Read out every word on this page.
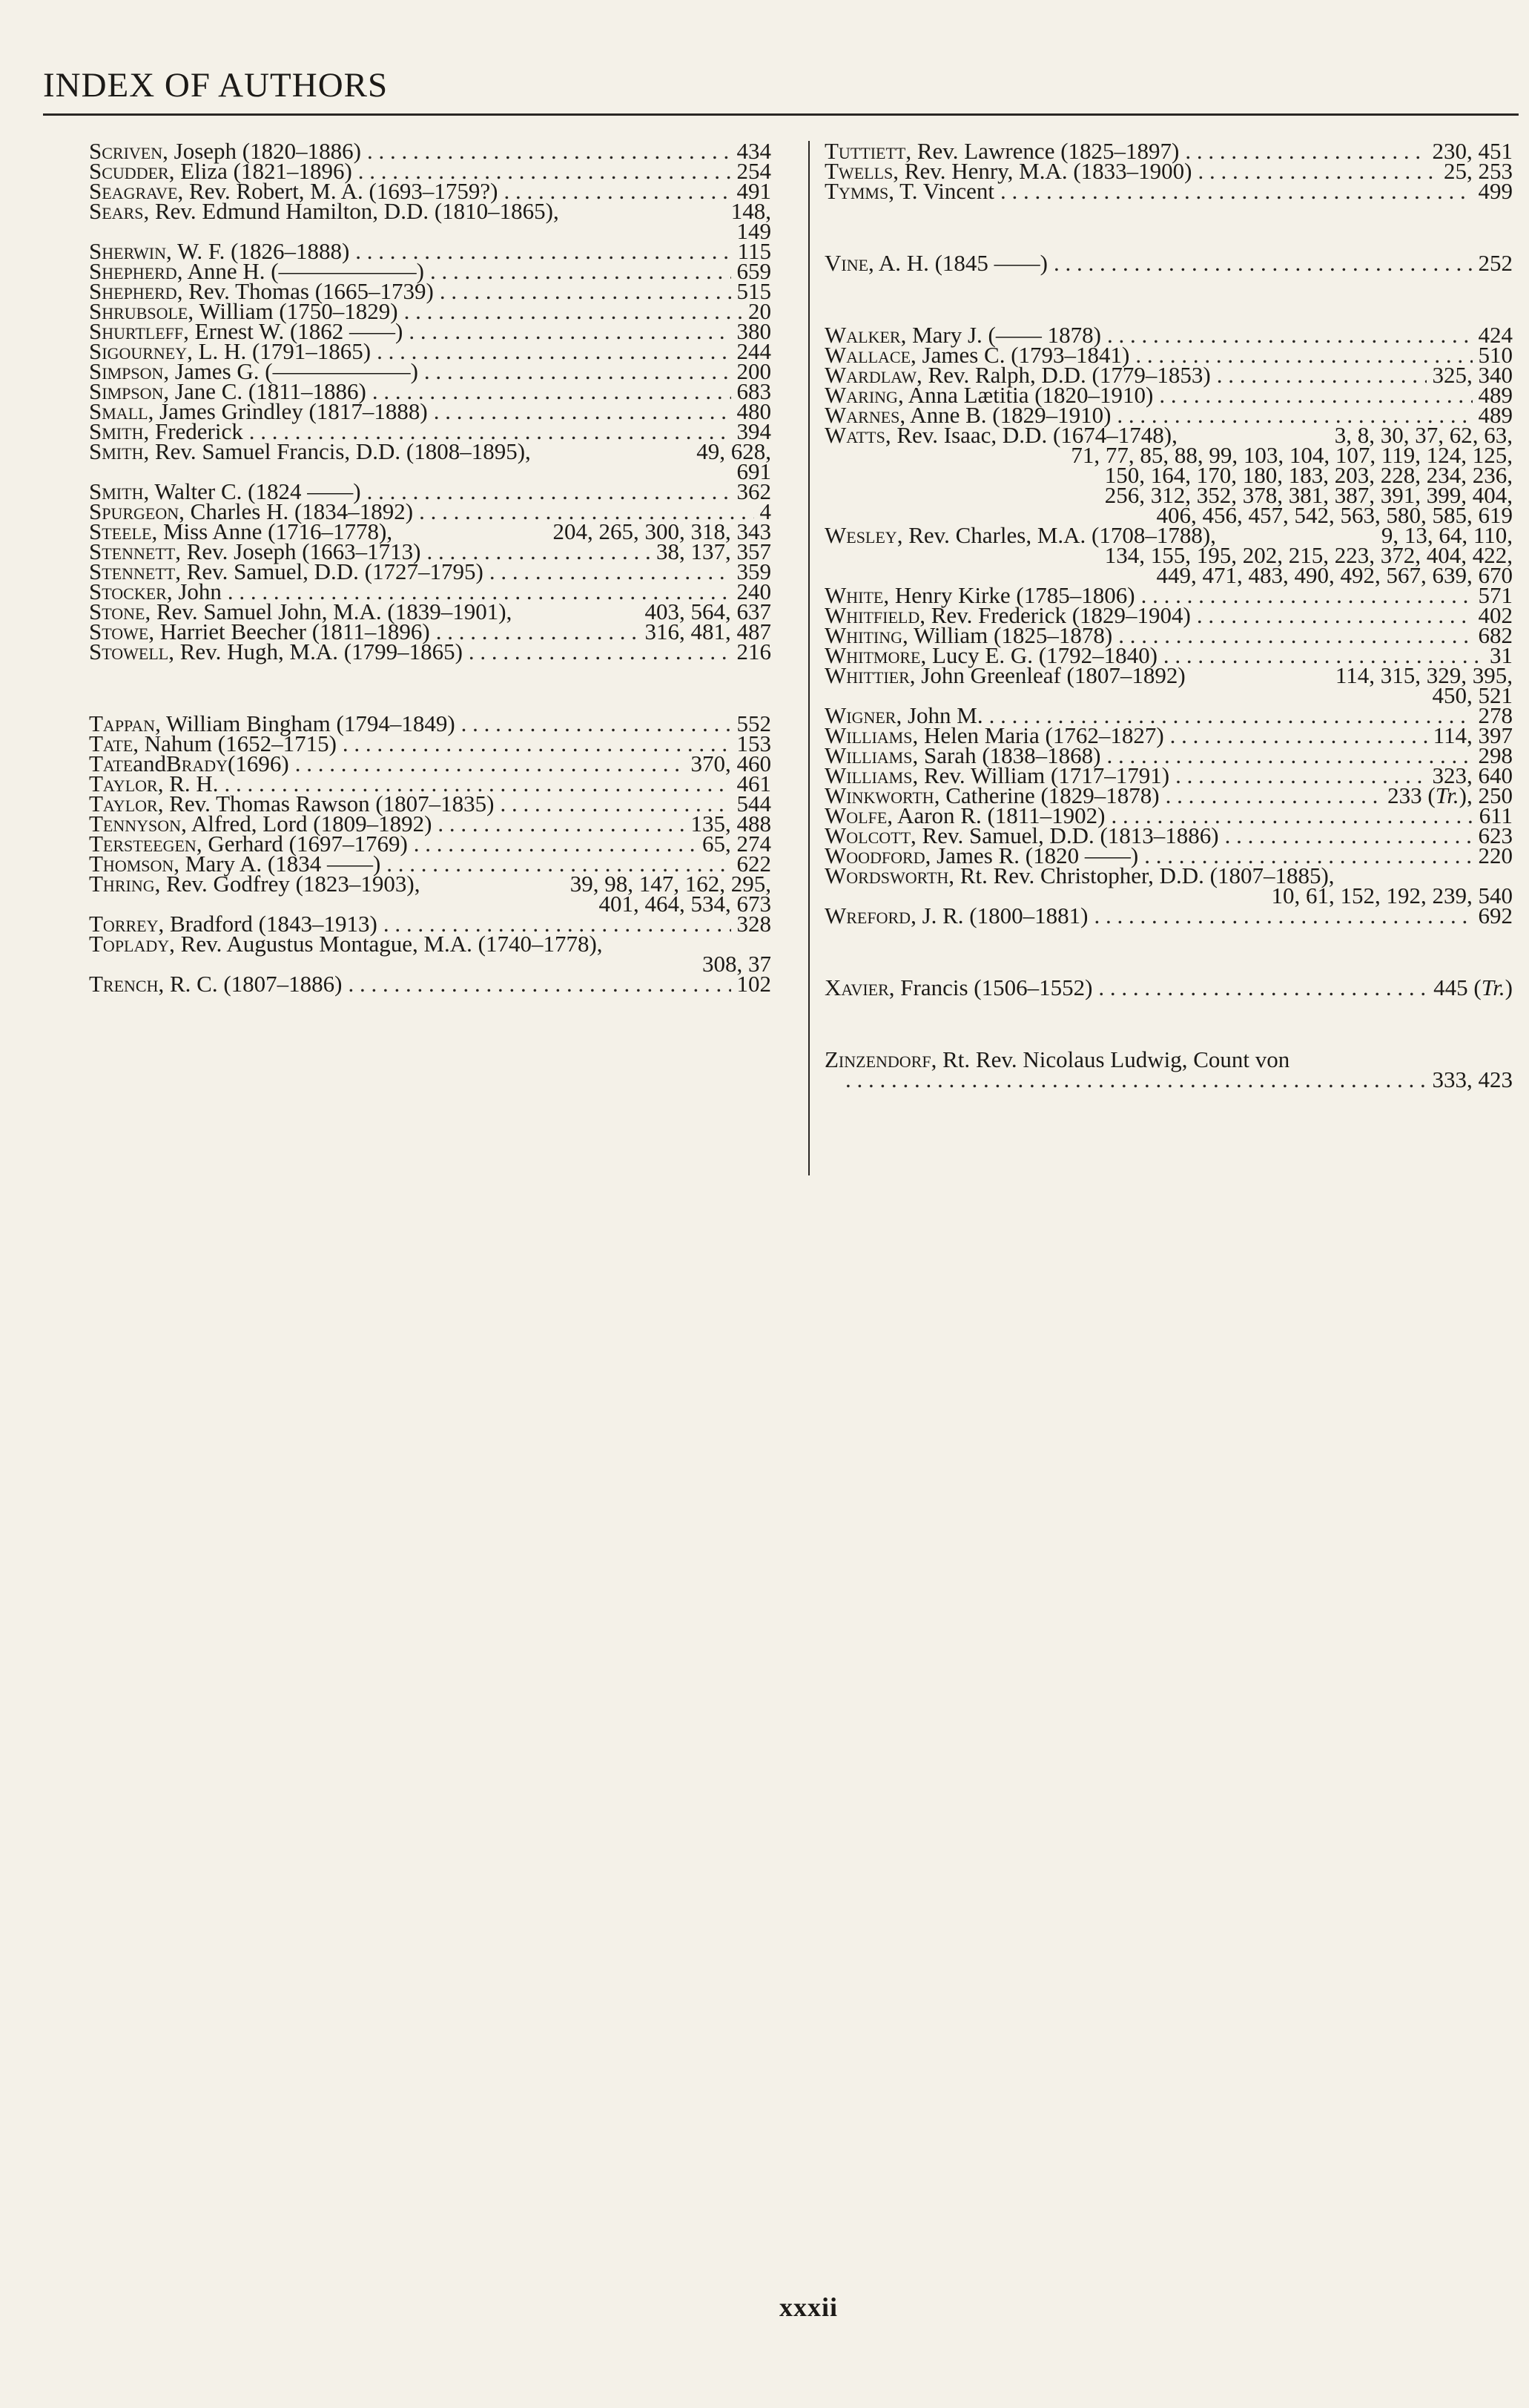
INDEX OF AUTHORS
Scriven , Joseph (1820–1886) . . .	434
Scudder , Eliza (1821–1896) . . .	254
Seagrave , Rev. Robert, M. A. (1693–1759?) . . .	491
Sears , Rev. Edmund Hamilton, D.D. (1810–1865),	148,
149
Sherwin , W. F. (1826–1888) . . .	115
Shepherd , Anne H. (——————) . . .	659
Shepherd , Rev. Thomas (1665–1739) . . .	515
Shrubsole , William (1750–1829) . . .	20
Shurtleff , Ernest W. (1862 ——) . . .	380
Sigourney , L. H. (1791–1865) . . .	244
Simpson , James G. (——————) . . .	200
Simpson , Jane C. (1811–1886) . . .	683
Small , James Grindley (1817–1888) . . .	480
Smith , Frederick . . .	394
Smith , Rev. Samuel Francis, D.D. (1808–1895),	49, 628,
691
Smith , Walter C. (1824 ——) . . .	362
Spurgeon , Charles H. (1834–1892) . . .	4
Steele , Miss Anne (1716–1778),	204, 265, 300, 318, 343
Stennett , Rev. Joseph (1663–1713) . . .	38, 137, 357
Stennett , Rev. Samuel, D.D. (1727–1795) . . .	359
Stocker , John . . .	240
Stone , Rev. Samuel John, M.A. (1839–1901),	403, 564, 637
Stowe , Harriet Beecher (1811–1896) . . .	316, 481, 487
Stowell , Rev. Hugh, M.A. (1799–1865) . . .	216
Tappan , William Bingham (1794–1849) . . .	552
Tate , Nahum (1652–1715) . . .	153
Tate and Brady (1696) . . .	370, 460
Taylor , R. H. . . .	461
Taylor , Rev. Thomas Rawson (1807–1835) . . .	544
Tennyson , Alfred, Lord (1809–1892) . . .	135, 488
Tersteegen , Gerhard (1697–1769) . . .	65, 274
Thomson , Mary A. (1834 ——) . . .	622
Thring , Rev. Godfrey (1823–1903),	39, 98, 147, 162, 295,
401, 464, 534, 673
Torrey , Bradford (1843–1913) . . .	328
Toplady , Rev. Augustus Montague, M.A. (1740–1778),
308, 37
Trench , R. C. (1807–1886) . . .	102
Tuttiett , Rev. Lawrence (1825–1897) . . .	230, 451
Twells , Rev. Henry, M.A. (1833–1900) . . .	25, 253
Tymms , T. Vincent . . .	499
Vine , A. H. (1845 ——) . . .	252
Walker , Mary J. (—— 1878) . . .	424
Wallace , James C. (1793–1841) . . .	510
Wardlaw , Rev. Ralph, D.D. (1779–1853) . . .	325, 340
Waring , Anna Lætitia (1820–1910) . . .	489
Warnes , Anne B. (1829–1910) . . .	489
Watts , Rev. Isaac, D.D. (1674–1748),	3, 8, 30, 37, 62, 63,
71, 77, 85, 88, 99, 103, 104, 107, 119, 124, 125,
150, 164, 170, 180, 183, 203, 228, 234, 236,
256, 312, 352, 378, 381, 387, 391, 399, 404,
406, 456, 457, 542, 563, 580, 585, 619
Wesley , Rev. Charles, M.A. (1708–1788),	9, 13, 64, 110,
134, 155, 195, 202, 215, 223, 372, 404, 422,
449, 471, 483, 490, 492, 567, 639, 670
White , Henry Kirke (1785–1806) . . .	571
Whitfield , Rev. Frederick (1829–1904) . . .	402
Whiting , William (1825–1878) . . .	682
Whitmore , Lucy E. G. (1792–1840) . . .	31
Whittier , John Greenleaf (1807–1892)	114, 315, 329, 395,
450, 521
Wigner , John M. . . .	278
Williams , Helen Maria (1762–1827) . . .	114, 397
Williams , Sarah (1838–1868) . . .	298
Williams , Rev. William (1717–1791) . . .	323, 640
Winkworth , Catherine (1829–1878) . . .	233 (Tr.), 250
Wolfe , Aaron R. (1811–1902) . . .	611
Wolcott , Rev. Samuel, D.D. (1813–1886) . . .	623
Woodford , James R. (1820 ——) . . .	220
Wordsworth , Rt. Rev. Christopher, D.D. (1807–1885),
10, 61, 152, 192, 239, 540
Wreford , J. R. (1800–1881) . . .	692
Xavier , Francis (1506–1552) . . .	445 (Tr.)
Zinzendorf , Rt. Rev. Nicolaus Ludwig, Count von
. . .
333, 423
xxxii
